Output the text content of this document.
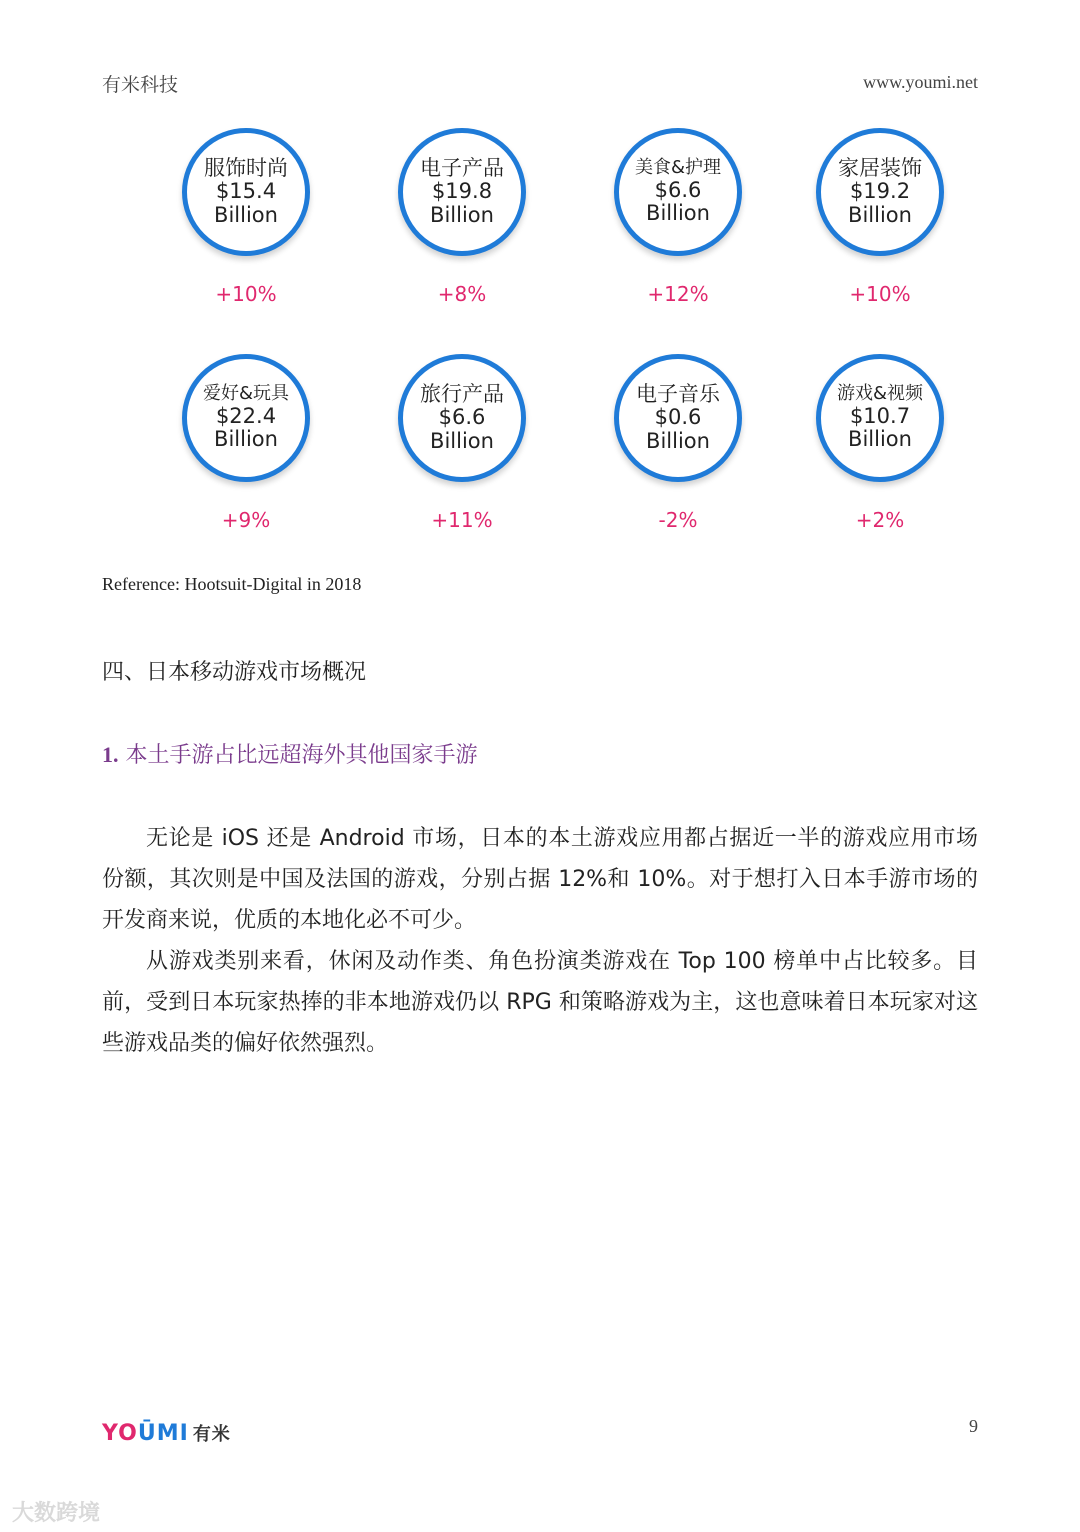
有米科技	www.youmi.net
服饰时尚
$15.4
Billion
+10%
电子产品
$19.8
Billion
+8%
美食&护理
$6.6
Billion
+12%
家居装饰
$19.2
Billion
+10%
爱好&玩具
$22.4
Billion
+9%
旅行产品
$6.6
Billion
+11%
电子音乐
$0.6
Billion
-2%
游戏&视频
$10.7
Billion
+2%
Reference: Hootsuit-Digital in 2018
四、日本移动游戏市场概况
1. 本土手游占比远超海外其他国家手游

无论是 iOS 还是 Android 市场，日本的本土游戏应用都占据近一半的游戏应用市场份额，其次则是中国及法国的游戏，分别占据 12%和 10%。对于想打入日本手游市场的开发商来说，优质的本地化必不可少。

从游戏类别来看，休闲及动作类、角色扮演类游戏在 Top 100 榜单中占比较多。目前，受到日本玩家热捧的非本地游戏仍以 RPG 和策略游戏为主，这也意味着日本玩家对这些游戏品类的偏好依然强烈。

YOŪMI 有米	9
大数跨境
